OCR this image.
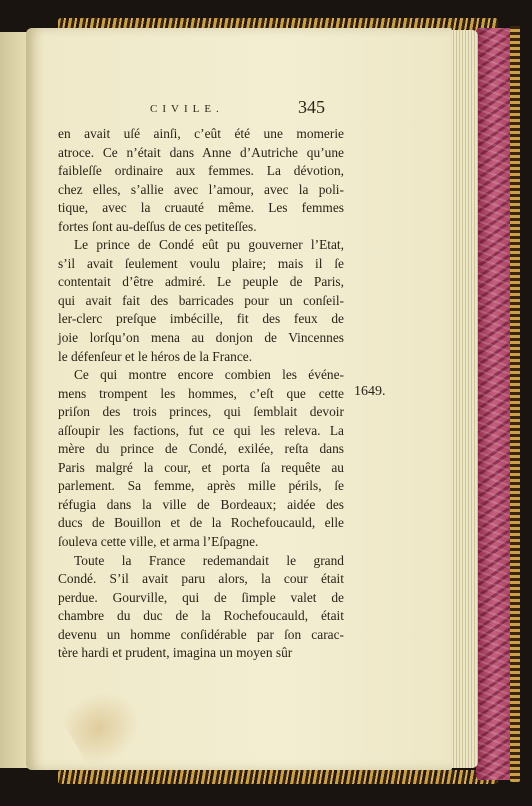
CIVILE.	345

en avait uſé ainſi, c’eût été une momerie
atroce. Ce n’était dans Anne d’Autriche qu’une
faibleſſe ordinaire aux femmes. La dévotion,
chez elles, s’allie avec l’amour, avec la poli-
tique, avec la cruauté même. Les femmes
fortes ſont au-deſſus de ces petiteſſes.

Le prince de Condé eût pu gouverner l’Etat,
s’il avait ſeulement voulu plaire; mais il ſe
contentait d’être admiré. Le peuple de Paris,
qui avait fait des barricades pour un conſeil-
ler-clerc preſque imbécille, fit des feux de
joie lorſqu’on mena au donjon de Vincennes
le défenſeur et le héros de la France.

Ce qui montre encore combien les événe-
mens trompent les hommes, c’eſt que cette
priſon des trois princes, qui ſemblait devoir
aſſoupir les factions, fut ce qui les releva. La
mère du prince de Condé, exilée, reſta dans
Paris malgré la cour, et porta ſa requête au
parlement. Sa femme, après mille périls, ſe
réfugia dans la ville de Bordeaux; aidée des
ducs de Bouillon et de la Rochefoucauld, elle
ſouleva cette ville, et arma l’Eſpagne.

Toute la France redemandait le grand
Condé. S’il avait paru alors, la cour était
perdue. Gourville, qui de ſimple valet de
chambre du duc de la Rochefoucauld, était
devenu un homme conſidérable par ſon carac-
tère hardi et prudent, imagina un moyen sûr

1649.
